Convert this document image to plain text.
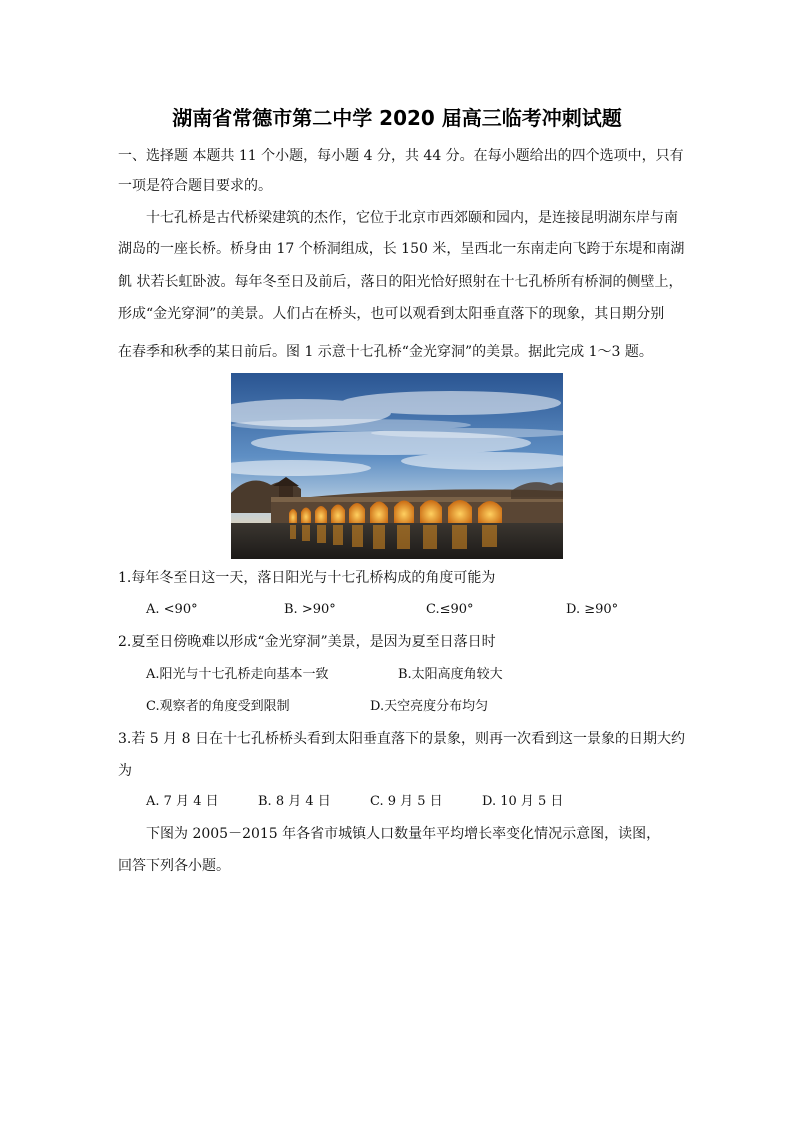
湖南省常德市第二中学 2020 届高三临考冲刺试题
一、选择题 本题共 11 个小题，每小题 4 分，共 44 分。在每小题给出的四个选项中，只有
一项是符合题目要求的。
十七孔桥是古代桥梁建筑的杰作，它位于北京市西郊颐和园内，是连接昆明湖东岸与南
湖岛的一座长桥。桥身由 17 个桥洞组成，长 150 米，呈西北一东南走向飞跨于东堤和南湖
飢 状若长虹卧波。每年冬至日及前后，落日的阳光恰好照射在十七孔桥所有桥洞的侧壁上，
形成“金光穿洞”的美景。人们占在桥头，也可以观看到太阳垂直落下的现象，其日期分别
在春季和秋季的某日前后。图 1 示意十七孔桥“金光穿洞”的美景。据此完成 1～3 题。
1.每年冬至日这一天，落日阳光与十七孔桥构成的角度可能为
A. <90°	B. >90°	C.≤90°	D. ≥90°
2.夏至日傍晚难以形成“金光穿洞”美景，是因为夏至日落日时
A.阳光与十七孔桥走向基本一致	B.太阳高度角较大
C.观察者的角度受到限制	D.天空亮度分布均匀
3.若 5 月 8 日在十七孔桥桥头看到太阳垂直落下的景象，则再一次看到这一景象的日期大约
为
A. 7 月 4 日	B. 8 月 4 日	C. 9 月 5 日	D. 10 月 5 日
下图为 2005－2015 年各省市城镇人口数量年平均增长率变化情况示意图，读图，
回答下列各小题。
